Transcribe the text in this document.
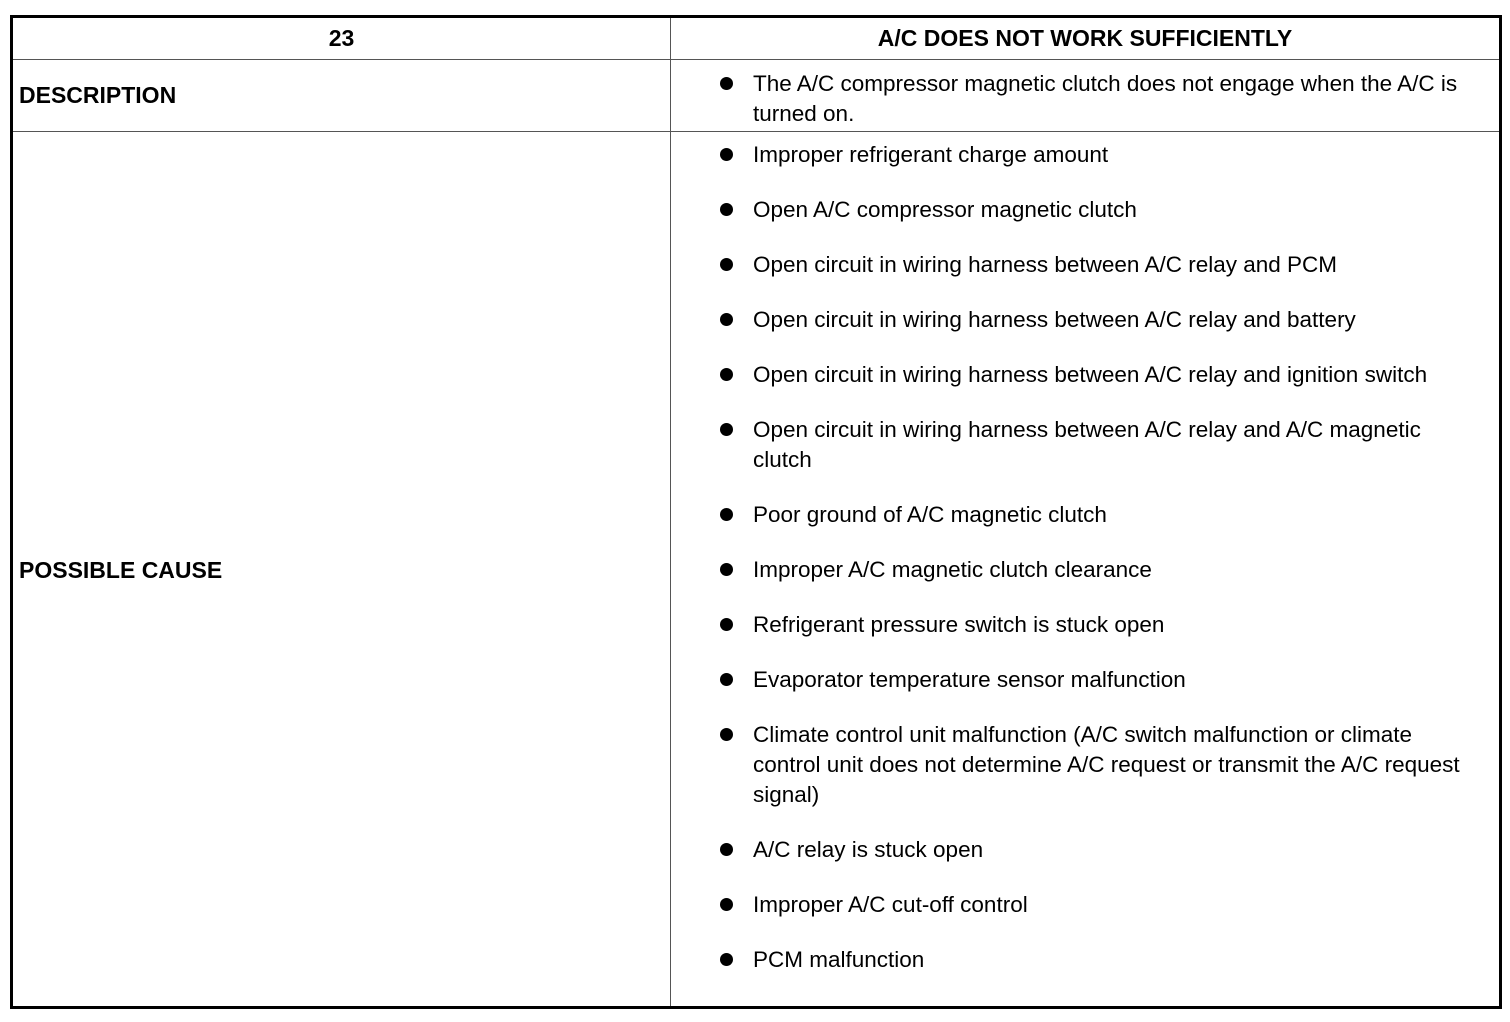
23	A/C DOES NOT WORK SUFFICIENTLY
DESCRIPTION	The A/C compressor magnetic clutch does not engage when the A/C is turned on.
POSSIBLE CAUSE
Improper refrigerant charge amount
Open A/C compressor magnetic clutch
Open circuit in wiring harness between A/C relay and PCM
Open circuit in wiring harness between A/C relay and battery
Open circuit in wiring harness between A/C relay and ignition switch
Open circuit in wiring harness between A/C relay and A/C magnetic clutch
Poor ground of A/C magnetic clutch
Improper A/C magnetic clutch clearance
Refrigerant pressure switch is stuck open
Evaporator temperature sensor malfunction
Climate control unit malfunction (A/C switch malfunction or climate control unit does not determine A/C request or transmit the A/C request signal)
A/C relay is stuck open
Improper A/C cut-off control
PCM malfunction
